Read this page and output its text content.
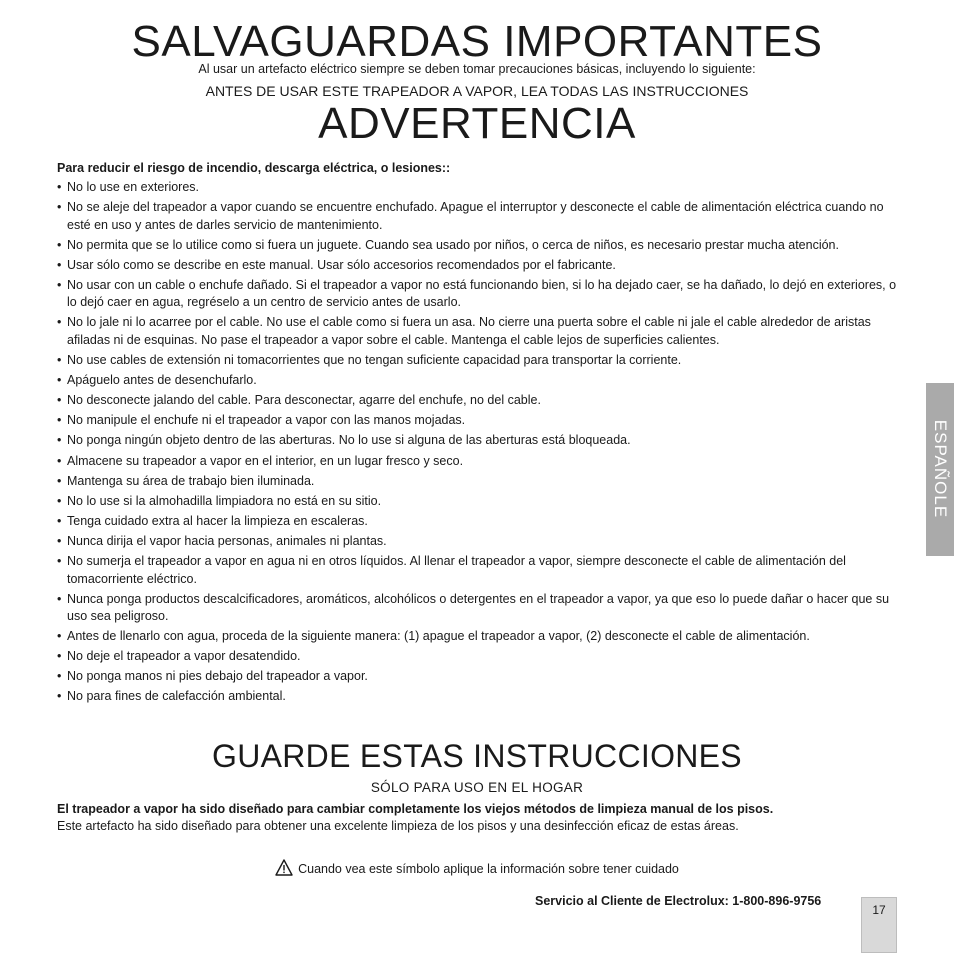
SALVAGUARDAS IMPORTANTES
Al usar un artefacto eléctrico siempre se deben tomar precauciones básicas, incluyendo lo siguiente:
ANTES DE USAR ESTE TRAPEADOR A VAPOR, LEA TODAS LAS INSTRUCCIONES
ADVERTENCIA
Para reducir el riesgo de incendio, descarga eléctrica, o lesiones::
• No lo use en exteriores.
• No se aleje del trapeador a vapor cuando se encuentre enchufado. Apague el interruptor y desconecte el cable de alimentación eléctrica cuando no esté en uso y antes de darles servicio de mantenimiento.
• No permita que se lo utilice como si fuera un juguete. Cuando sea usado por niños, o cerca de niños, es necesario prestar mucha atención.
• Usar sólo como se describe en este manual. Usar sólo accesorios recomendados por el fabricante.
• No usar con un cable o enchufe dañado. Si el trapeador a vapor no está funcionando bien, si lo ha dejado caer, se ha dañado, lo dejó en exteriores, o lo dejó caer en agua, regréselo a un centro de servicio antes de usarlo.
• No lo jale ni lo acarree por el cable. No use el cable como si fuera un asa. No cierre una puerta sobre el cable ni jale el cable alrededor de aristas afiladas ni de esquinas. No pase el trapeador a vapor sobre el cable. Mantenga el cable lejos de superficies calientes.
• No use cables de extensión ni tomacorrientes que no tengan suficiente capacidad para transportar la corriente.
• Apáguelo antes de desenchufarlo.
• No desconecte jalando del cable. Para desconectar, agarre del enchufe, no del cable.
• No manipule el enchufe ni el trapeador a vapor con las manos mojadas.
• No ponga ningún objeto dentro de las aberturas. No lo use si alguna de las aberturas está bloqueada.
• Almacene su trapeador a vapor en el interior, en un lugar fresco y seco.
• Mantenga su área de trabajo bien iluminada.
• No lo use si la almohadilla limpiadora no está en su sitio.
• Tenga cuidado extra al hacer la limpieza en escaleras.
• Nunca dirija el vapor hacia personas, animales ni plantas.
• No sumerja el trapeador a vapor en agua ni en otros líquidos. Al llenar el trapeador a vapor, siempre desconecte el cable de alimentación del tomacorriente eléctrico.
• Nunca ponga productos descalcificadores, aromáticos, alcohólicos o detergentes en el trapeador a vapor, ya que eso lo puede dañar o hacer que su uso sea peligroso.
• Antes de llenarlo con agua, proceda de la siguiente manera: (1) apague el trapeador a vapor, (2) desconecte el cable de alimentación.
• No deje el trapeador a vapor desatendido.
• No ponga manos ni pies debajo del trapeador a vapor.
• No para fines de calefacción ambiental.
GUARDE ESTAS INSTRUCCIONES
SÓLO PARA USO EN EL HOGAR
El trapeador a vapor ha sido diseñado para cambiar completamente los viejos métodos de limpieza manual de los pisos.
Este artefacto ha sido diseñado para obtener una excelente limpieza de los pisos y una desinfección eficaz de estas áreas.
Cuando vea este símbolo aplique la información sobre tener cuidado
Servicio al Cliente de Electrolux: 1-800-896-9756
17
ESPAÑOLE
